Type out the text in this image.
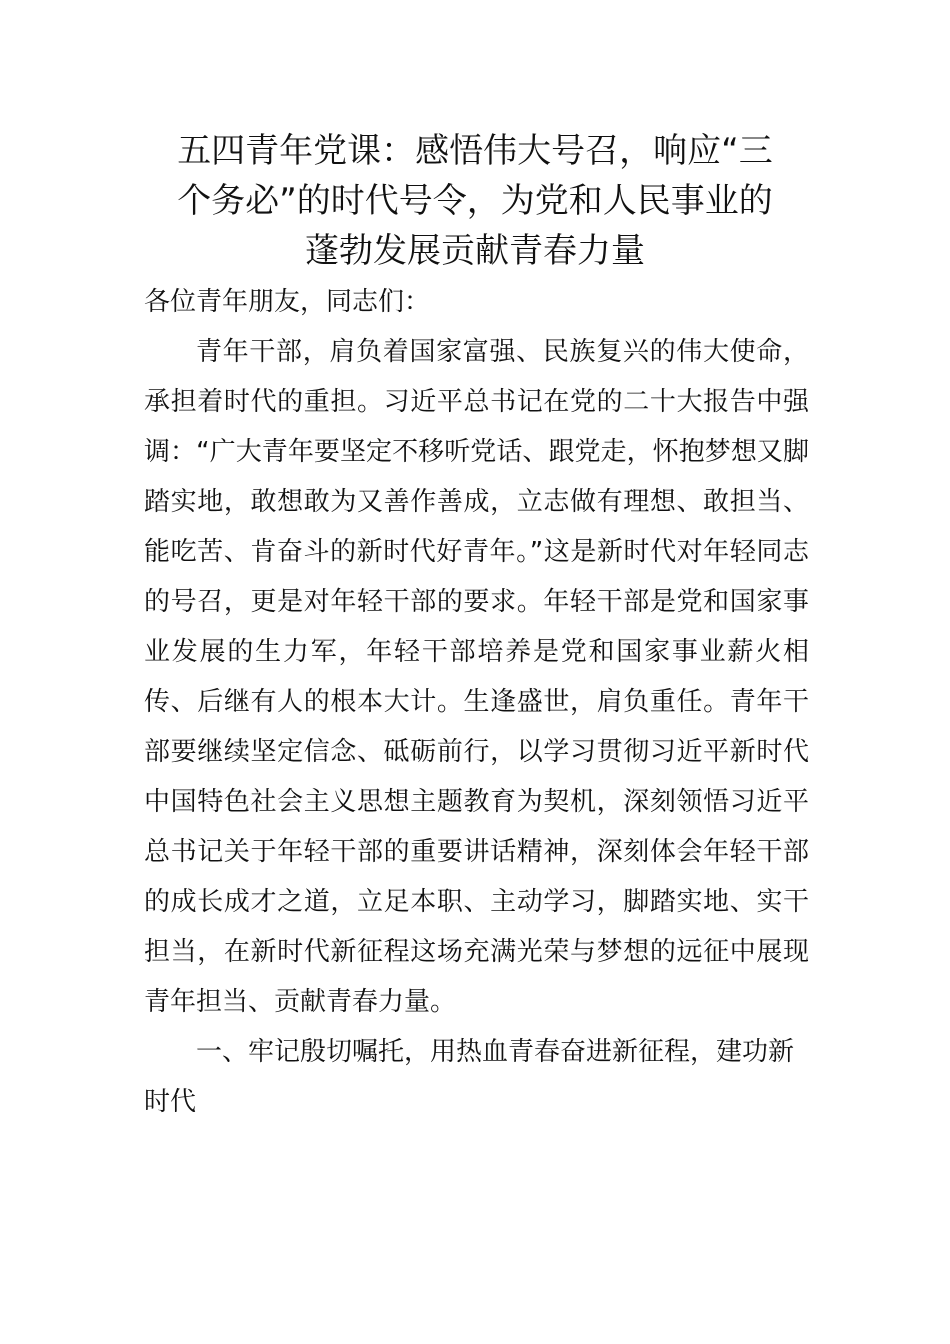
五四青年党课：感悟伟大号召，响应“三
个务必”的时代号令，为党和人民事业的
蓬勃发展贡献青春力量

各位青年朋友，同志们：

青年干部，肩负着国家富强、民族复兴的伟大使命，承担着时代的重担。习近平总书记在党的二十大报告中强调：“广大青年要坚定不移听党话、跟党走，怀抱梦想又脚踏实地，敢想敢为又善作善成，立志做有理想、敢担当、能吃苦、肯奋斗的新时代好青年。”这是新时代对年轻同志的号召，更是对年轻干部的要求。年轻干部是党和国家事业发展的生力军，年轻干部培养是党和国家事业薪火相传、后继有人的根本大计。生逢盛世，肩负重任。青年干部要继续坚定信念、砥砺前行，以学习贯彻习近平新时代中国特色社会主义思想主题教育为契机，深刻领悟习近平总书记关于年轻干部的重要讲话精神，深刻体会年轻干部的成长成才之道，立足本职、主动学习，脚踏实地、实干担当，在新时代新征程这场充满光荣与梦想的远征中展现青年担当、贡献青春力量。

一、牢记殷切嘱托，用热血青春奋进新征程，建功新时代
